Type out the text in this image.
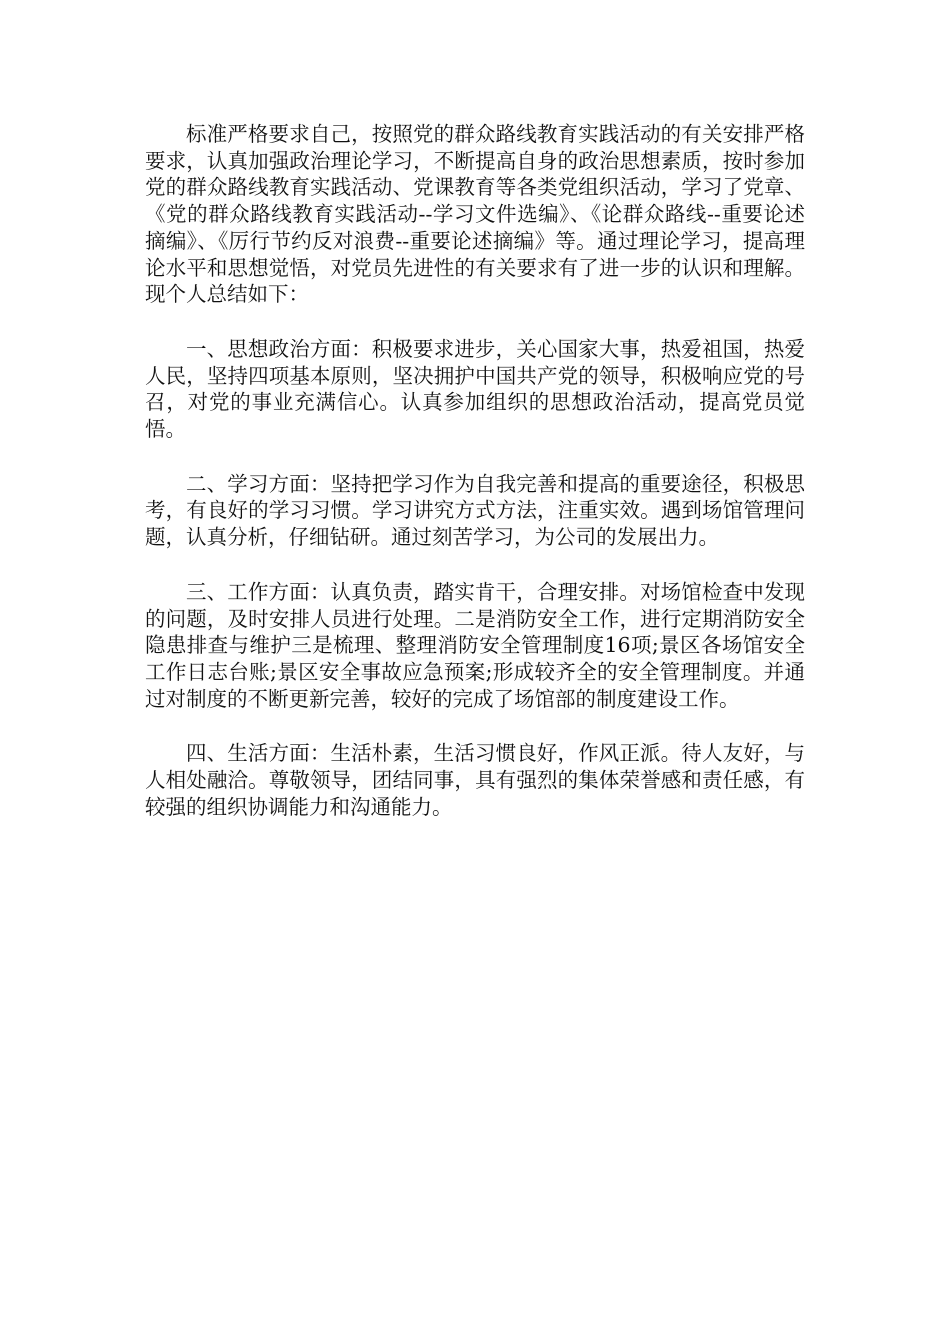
标准严格要求自己，按照党的群众路线教育实践活动的有关安排严格要求，认真加强政治理论学习，不断提高自身的政治思想素质，按时参加党的群众路线教育实践活动、党课教育等各类党组织活动，学习了党章、《党的群众路线教育实践活动--学习文件选编》、《论群众路线--重要论述摘编》、《厉行节约反对浪费--重要论述摘编》等。通过理论学习，提高理论水平和思想觉悟，对党员先进性的有关要求有了进一步的认识和理解。现个人总结如下：

一、思想政治方面：积极要求进步，关心国家大事，热爱祖国，热爱人民，坚持四项基本原则，坚决拥护中国共产党的领导，积极响应党的号召，对党的事业充满信心。认真参加组织的思想政治活动，提高党员觉悟。

二、学习方面：坚持把学习作为自我完善和提高的重要途径，积极思考，有良好的学习习惯。学习讲究方式方法，注重实效。遇到场馆管理问题，认真分析，仔细钻研。通过刻苦学习，为公司的发展出力。

三、工作方面：认真负责，踏实肯干，合理安排。对场馆检查中发现的问题，及时安排人员进行处理。二是消防安全工作，进行定期消防安全隐患排查与维护三是梳理、整理消防安全管理制度16项;景区各场馆安全工作日志台账;景区安全事故应急预案;形成较齐全的安全管理制度。并通过对制度的不断更新完善，较好的完成了场馆部的制度建设工作。

四、生活方面：生活朴素，生活习惯良好，作风正派。待人友好，与人相处融洽。尊敬领导，团结同事，具有强烈的集体荣誉感和责任感，有较强的组织协调能力和沟通能力。
